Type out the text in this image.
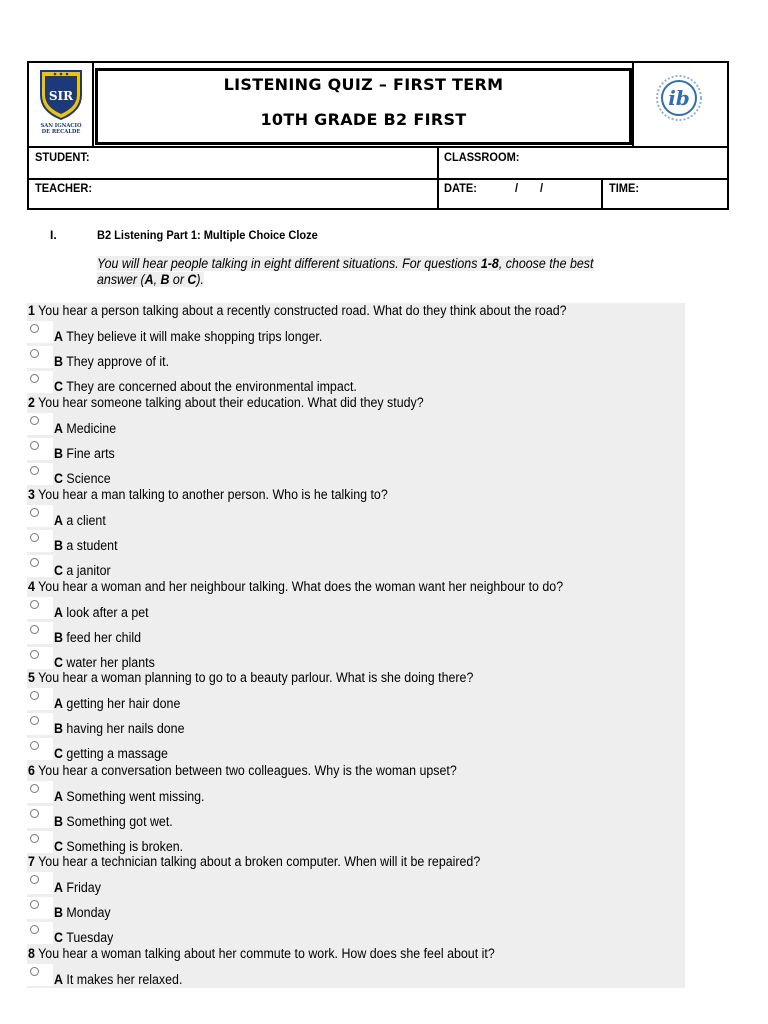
SIR
SAN IGNACIO
DE RECALDE
LISTENING QUIZ – FIRST TERM
10TH GRADE B2 FIRST
ib
STUDENT:	CLASSROOM:
TEACHER:	DATE:	/ /	TIME:
I.	B2 Listening Part 1: Multiple Choice Cloze
You will hear people talking in eight different situations. For questions 1-8, choose the best answer (A, B or C).
1 You hear a person talking about a recently constructed road. What do they think about the road?
A They believe it will make shopping trips longer.
B They approve of it.
C They are concerned about the environmental impact.
2 You hear someone talking about their education. What did they study?
A Medicine
B Fine arts
C Science
3 You hear a man talking to another person. Who is he talking to?
A a client
B a student
C a janitor
4 You hear a woman and her neighbour talking. What does the woman want her neighbour to do?
A look after a pet
B feed her child
C water her plants
5 You hear a woman planning to go to a beauty parlour. What is she doing there?
A getting her hair done
B having her nails done
C getting a massage
6 You hear a conversation between two colleagues. Why is the woman upset?
A Something went missing.
B Something got wet.
C Something is broken.
7 You hear a technician talking about a broken computer. When will it be repaired?
A Friday
B Monday
C Tuesday
8 You hear a woman talking about her commute to work. How does she feel about it?
A It makes her relaxed.
